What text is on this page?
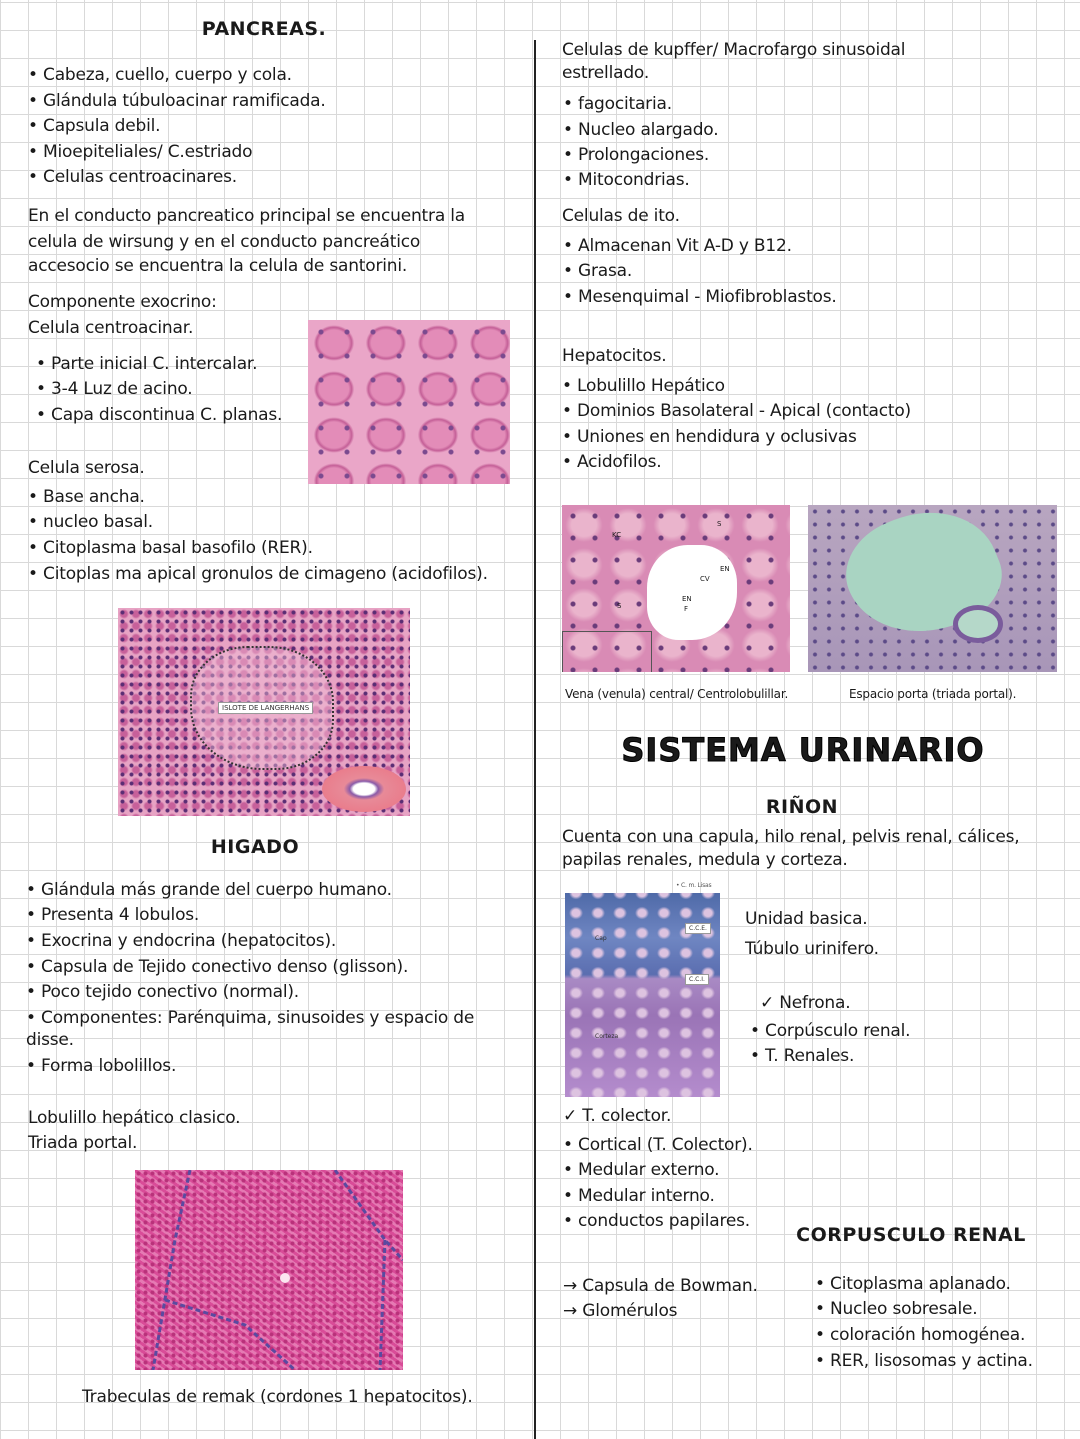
PANCREAS.
• Cabeza, cuello, cuerpo y cola.
• Glándula túbuloacinar ramificada.
• Capsula debil.
• Mioepiteliales/ C.estriado
• Celulas centroacinares.
En el conducto pancreatico principal se encuentra la
celula de wirsung y en el conducto pancreático
accesocio se encuentra la celula de santorini.
Componente exocrino:
Celula centroacinar.
• Parte inicial C. intercalar.
• 3-4 Luz de acino.
• Capa discontinua C. planas.
Celula serosa.
• Base ancha.
• nucleo basal.
• Citoplasma basal basofilo (RER).
• Citoplas ma apical gronulos de cimageno (acidofilos).
ISLOTE DE LANGERHANS
HIGADO
• Glándula más grande del cuerpo humano.
• Presenta 4 lobulos.
• Exocrina y endocrina (hepatocitos).
• Capsula de Tejido conectivo denso (glisson).
• Poco tejido conectivo (normal).
• Componentes: Parénquima, sinusoides y espacio de
disse.
• Forma lobolillos.
Lobulillo hepático clasico.
Triada portal.
Trabeculas de remak (cordones 1 hepatocitos).
Celulas de kupffer/ Macrofargo sinusoidal
estrellado.
• fagocitaria.
• Nucleo alargado.
• Prolongaciones.
• Mitocondrias.
Celulas de ito.
• Almacenan Vit A-D y B12.
• Grasa.
• Mesenquimal - Miofibroblastos.
Hepatocitos.
• Lobulillo Hepático
• Dominios Basolateral - Apical (contacto)
• Uniones en hendidura y oclusivas
• Acidofilos.
KC
CV
EN
EN
F
S
S
Vena (venula) central/ Centrolobulillar.	Espacio porta (triada portal).
SISTEMA URINARIO
RIÑON
Cuenta con una capula, hilo renal, pelvis renal, cálices,
papilas renales, medula y corteza.
C.C.E.
C.C.I.
Cap
Corteza
• C. m. Lisas
Unidad basica.
Túbulo urinifero.
✓ Nefrona.
• Corpúsculo renal.
• T. Renales.
✓ T. colector.
• Cortical (T. Colector).
• Medular externo.
• Medular interno.
• conductos papilares.
CORPUSCULO RENAL
→ Capsula de Bowman.
→ Glomérulos
• Citoplasma aplanado.
• Nucleo sobresale.
• coloración homogénea.
• RER, lisosomas y actina.
